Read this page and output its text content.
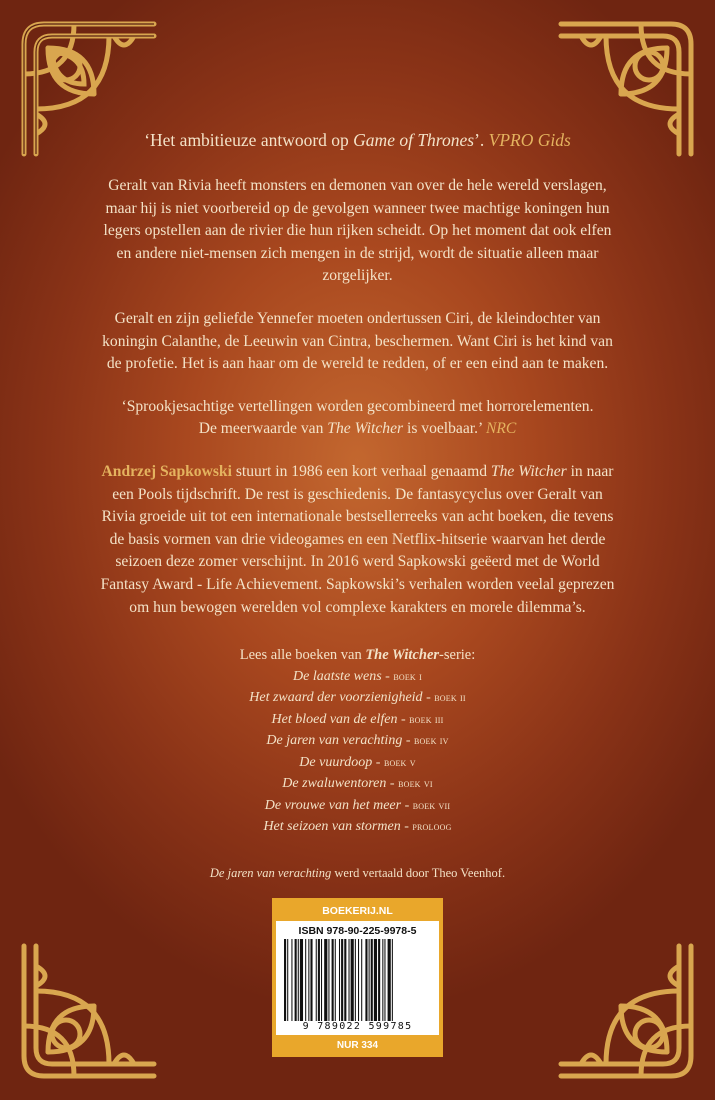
‘Het ambitieuze antwoord op Game of Thrones’. VPRO Gids

Geralt van Rivia heeft monsters en demonen van over de hele wereld verslagen, maar hij is niet voorbereid op de gevolgen wanneer twee machtige koningen hun legers opstellen aan de rivier die hun rijken scheidt. Op het moment dat ook elfen en andere niet-mensen zich mengen in de strijd, wordt de situatie alleen maar zorgelijker.

Geralt en zijn geliefde Yennefer moeten ondertussen Ciri, de kleindochter van koningin Calanthe, de Leeuwin van Cintra, beschermen. Want Ciri is het kind van de profetie. Het is aan haar om de wereld te redden, of er een eind aan te maken.

‘Sprookjesachtige vertellingen worden gecombineerd met horrorelementen.
De meerwaarde van The Witcher is voelbaar.’ NRC

Andrzej Sapkowski stuurt in 1986 een kort verhaal genaamd The Witcher in naar een Pools tijdschrift. De rest is geschiedenis. De fantasycyclus over Geralt van Rivia groeide uit tot een internationale bestsellerreeks van acht boeken, die tevens de basis vormen van drie videogames en een Netflix-hitserie waarvan het derde seizoen deze zomer verschijnt. In 2016 werd Sapkowski geëerd met de World Fantasy Award - Life Achievement. Sapkowski’s verhalen worden veelal geprezen om hun bewogen werelden vol complexe karakters en morele dilemma’s.

Lees alle boeken van The Witcher-serie:
De laatste wens - boek i
Het zwaard der voorzienigheid - boek ii
Het bloed van de elfen - boek iii
De jaren van verachting - boek iv
De vuurdoop - boek v
De zwaluwentoren - boek vi
De vrouwe van het meer - boek vii
Het seizoen van stormen - proloog
De jaren van verachting werd vertaald door Theo Veenhof.
BOEKERIJ.NL
ISBN 978-90-225-9978-5
9 789022 599785
NUR 334
